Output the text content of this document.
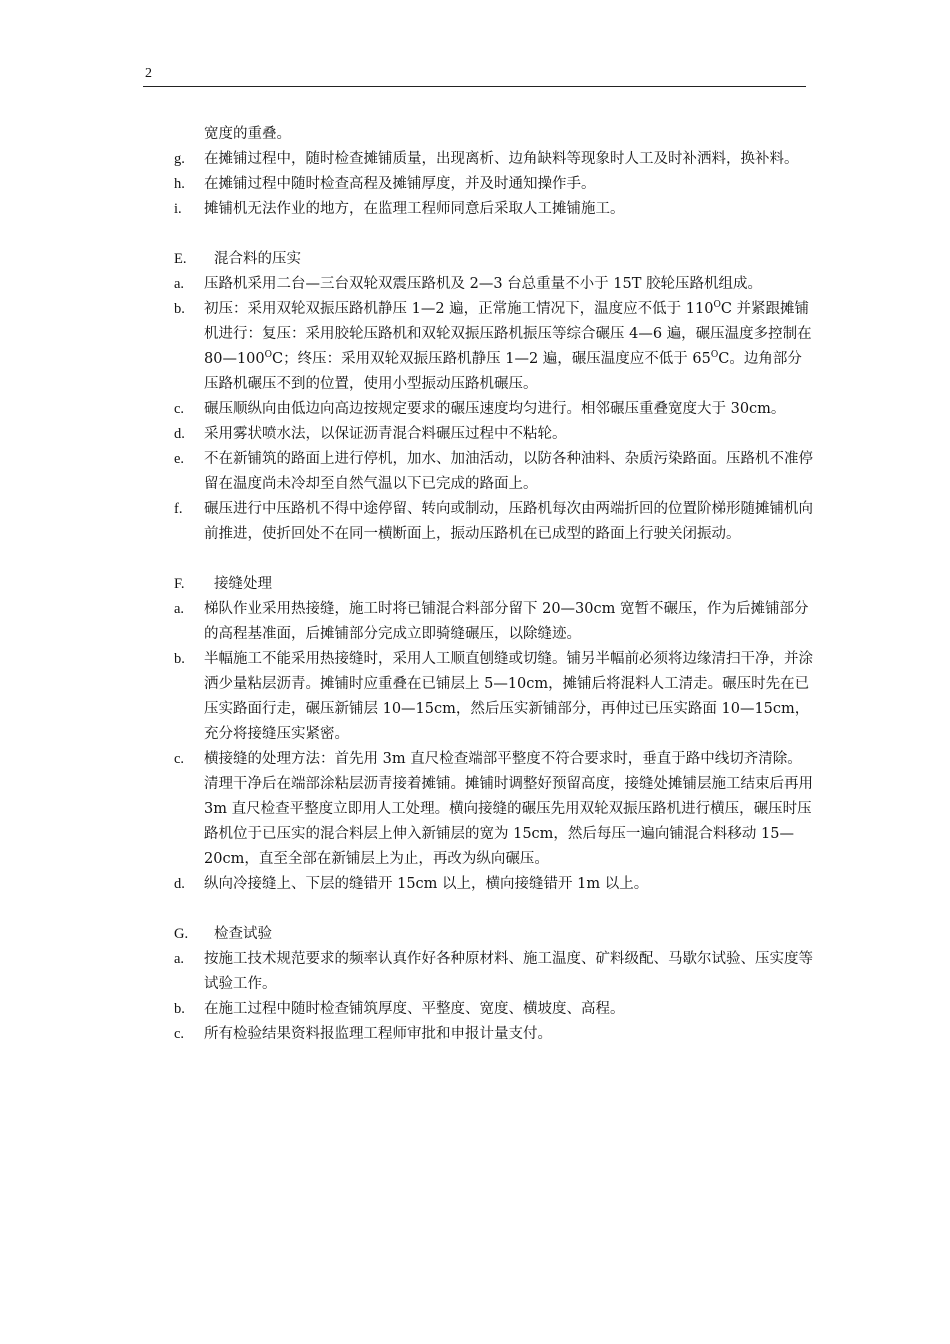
2
宽度的重叠。
g.	在摊铺过程中，随时检查摊铺质量，出现离析、边角缺料等现象时人工及时补洒料，换补料。
h.	在摊铺过程中随时检查高程及摊铺厚度，并及时通知操作手。
i.	摊铺机无法作业的地方，在监理工程师同意后采取人工摊铺施工。
E.	混合料的压实
a.	压路机采用二台—三台双轮双震压路机及 2—3 台总重量不小于 15T 胶轮压路机组成。
b.	初压：采用双轮双振压路机静压 1—2 遍，正常施工情况下，温度应不低于 $110^OC$ 并紧跟摊铺机进行：复压：采用胶轮压路机和双轮双振压路机振压等综合碾压 4—6 遍，碾压温度多控制在 $80—100^OC$；终压：采用双轮双振压路机静压 1—2 遍，碾压温度应不低于 $65^OC$。边角部分压路机碾压不到的位置，使用小型振动压路机碾压。
c.	碾压顺纵向由低边向高边按规定要求的碾压速度均匀进行。相邻碾压重叠宽度大于 30cm。
d.	采用雾状喷水法，以保证沥青混合料碾压过程中不粘轮。
e.	不在新铺筑的路面上进行停机，加水、加油活动，以防各种油料、杂质污染路面。压路机不准停留在温度尚未冷却至自然气温以下已完成的路面上。
f.	碾压进行中压路机不得中途停留、转向或制动，压路机每次由两端折回的位置阶梯形随摊铺机向前推进，使折回处不在同一横断面上，振动压路机在已成型的路面上行驶关闭振动。
F.	接缝处理
a.	梯队作业采用热接缝，施工时将已铺混合料部分留下 20—30cm 宽暂不碾压，作为后摊铺部分的高程基准面，后摊铺部分完成立即骑缝碾压，以除缝迹。
b.	半幅施工不能采用热接缝时，采用人工顺直刨缝或切缝。铺另半幅前必须将边缘清扫干净，并涂洒少量粘层沥青。摊铺时应重叠在已铺层上 5—10cm，摊铺后将混料人工清走。碾压时先在已压实路面行走，碾压新铺层 10—15cm，然后压实新铺部分，再伸过已压实路面 10—15cm，充分将接缝压实紧密。
c.	横接缝的处理方法：首先用 3m 直尺检查端部平整度不符合要求时，垂直于路中线切齐清除。清理干净后在端部涂粘层沥青接着摊铺。摊铺时调整好预留高度，接缝处摊铺层施工结束后再用 3m 直尺检查平整度立即用人工处理。横向接缝的碾压先用双轮双振压路机进行横压，碾压时压路机位于已压实的混合料层上伸入新铺层的宽为 15cm，然后每压一遍向铺混合料移动 15—20cm，直至全部在新铺层上为止，再改为纵向碾压。
d.	纵向冷接缝上、下层的缝错开 15cm 以上，横向接缝错开 1m 以上。
G.	检查试验
a.	按施工技术规范要求的频率认真作好各种原材料、施工温度、矿料级配、马歇尔试验、压实度等试验工作。
b.	在施工过程中随时检查铺筑厚度、平整度、宽度、横坡度、高程。
c.	所有检验结果资料报监理工程师审批和申报计量支付。
